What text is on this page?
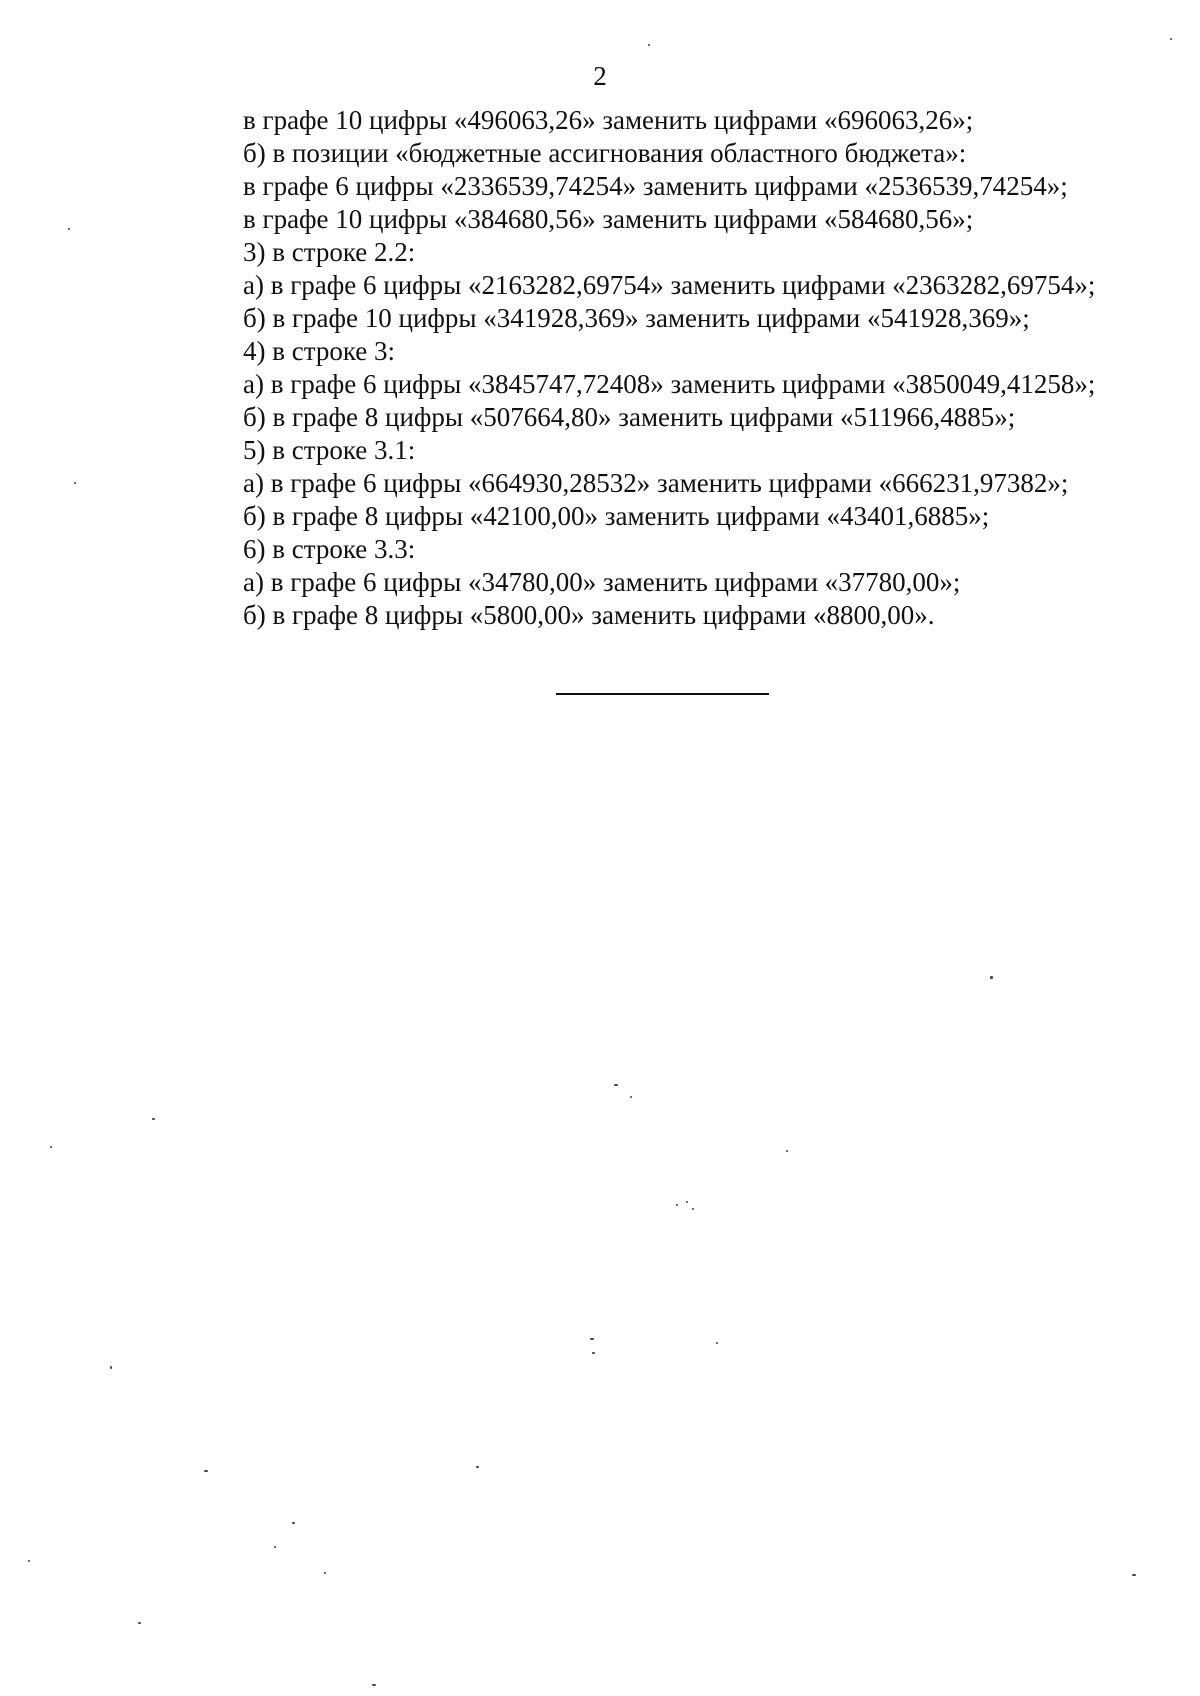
2
в графе 10 цифры «496063,26» заменить цифрами «696063,26»;
б) в позиции «бюджетные ассигнования областного бюджета»:
в графе 6 цифры «2336539,74254» заменить цифрами «2536539,74254»;
в графе 10 цифры «384680,56» заменить цифрами «584680,56»;
3) в строке 2.2:
а) в графе 6 цифры «2163282,69754» заменить цифрами «2363282,69754»;
б) в графе 10 цифры «341928,369» заменить цифрами «541928,369»;
4) в строке 3:
а) в графе 6 цифры «3845747,72408» заменить цифрами «3850049,41258»;
б) в графе 8 цифры «507664,80» заменить цифрами «511966,4885»;
5) в строке 3.1:
а) в графе 6 цифры «664930,28532» заменить цифрами «666231,97382»;
б) в графе 8 цифры «42100,00» заменить цифрами «43401,6885»;
6) в строке 3.3:
а) в графе 6 цифры «34780,00» заменить цифрами «37780,00»;
б) в графе 8 цифры «5800,00» заменить цифрами «8800,00».
